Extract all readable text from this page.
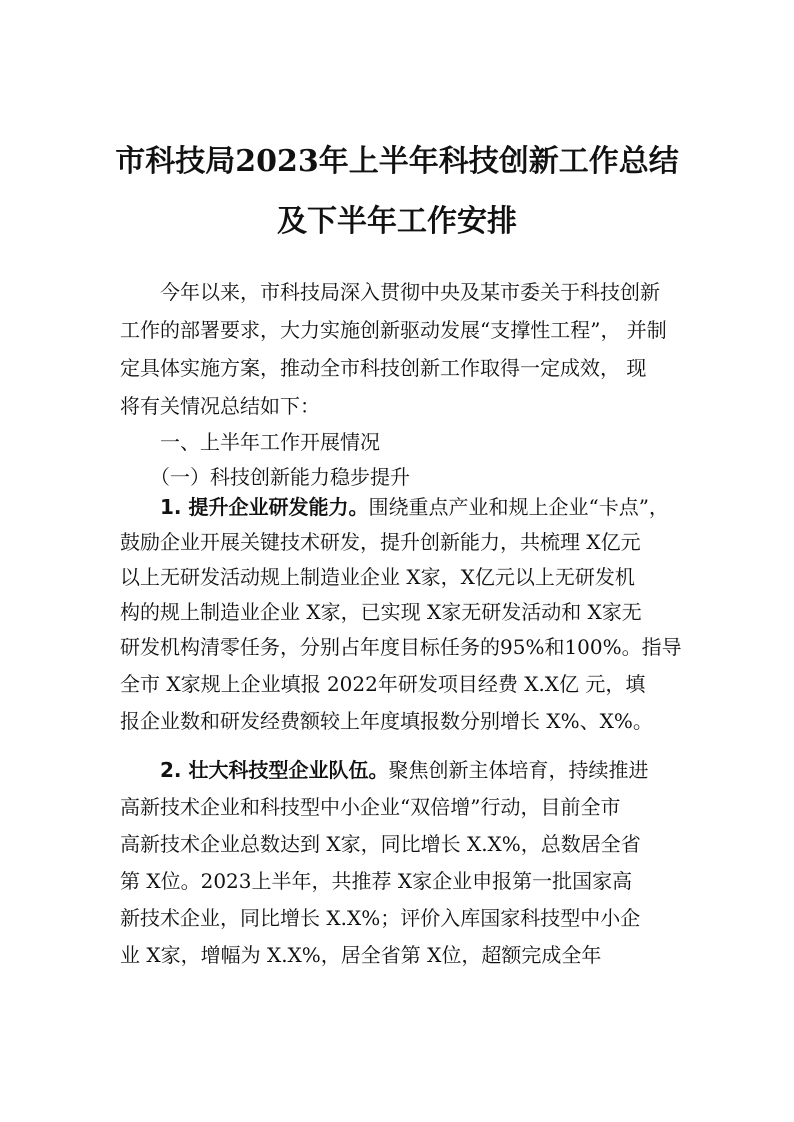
市科技局2023年上半年科技创新工作总结
及下半年工作安排
今年以来，市科技局深入贯彻中央及某市委关于科技创新
工作的部署要求，大力实施创新驱动发展“支撑性工程”， 并制
定具体实施方案，推动全市科技创新工作取得一定成效， 现
将有关情况总结如下：
一、上半年工作开展情况
（一）科技创新能力稳步提升
1. 提升企业研发能力。围绕重点产业和规上企业“卡点”，
鼓励企业开展关键技术研发，提升创新能力，共梳理 X亿元
以上无研发活动规上制造业企业 X家，X亿元以上无研发机
构的规上制造业企业 X家，已实现 X家无研发活动和 X家无
研发机构清零任务，分别占年度目标任务的95%和100%。指导
全市 X家规上企业填报 2022年研发项目经费 X.X亿 元，填
报企业数和研发经费额较上年度填报数分别增长 X%、X%。
2. 壮大科技型企业队伍。聚焦创新主体培育，持续推进
高新技术企业和科技型中小企业“双倍增”行动，目前全市
高新技术企业总数达到 X家，同比增长 X.X%，总数居全省
第 X位。2023上半年，共推荐 X家企业申报第一批国家高
新技术企业，同比增长 X.X%；评价入库国家科技型中小企
业 X家，增幅为 X.X%，居全省第 X位，超额完成全年
